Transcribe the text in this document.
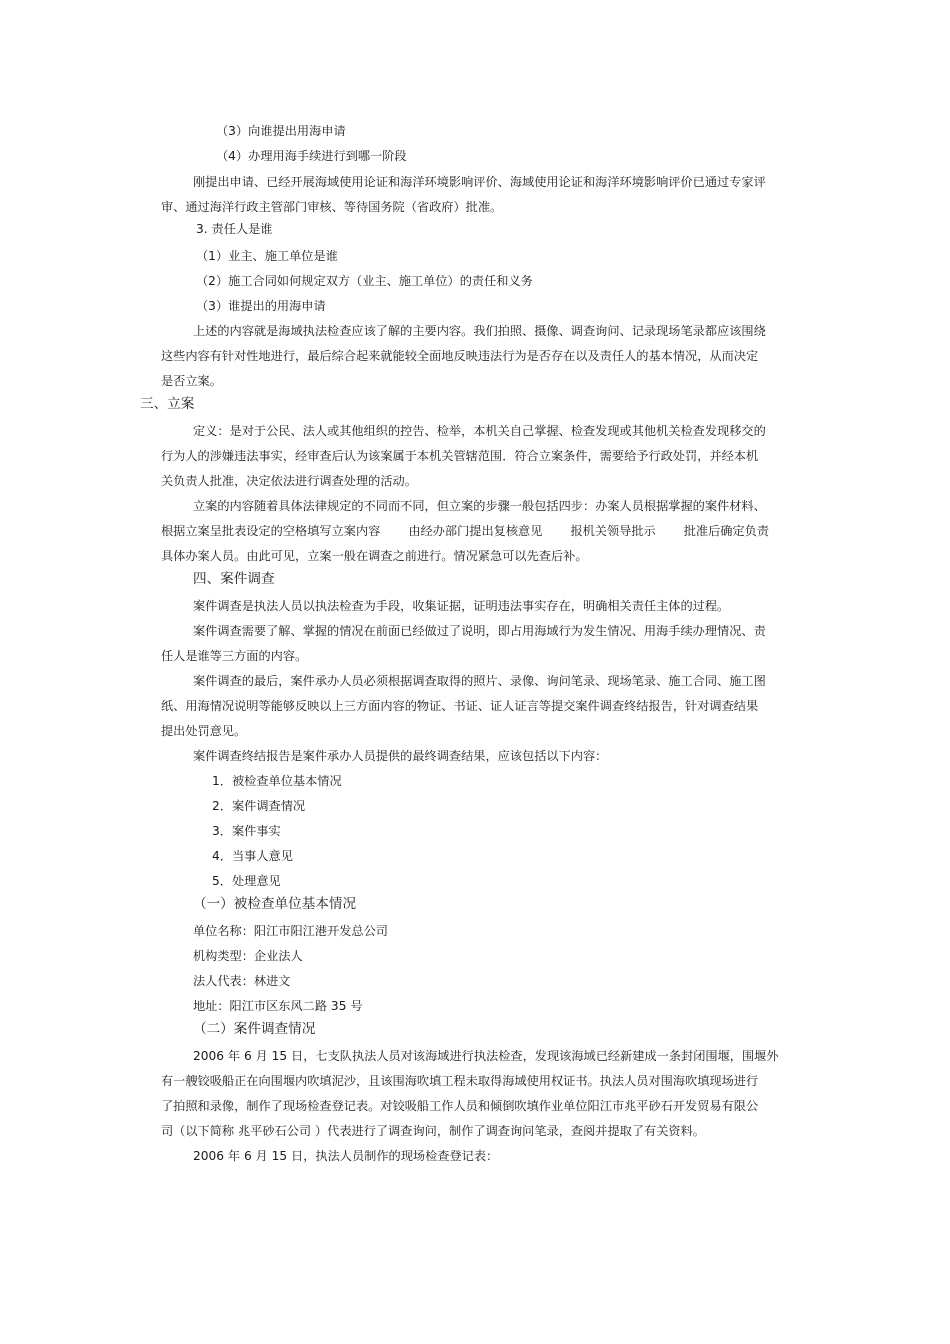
（3）向谁提出用海申请
（4）办理用海手续进行到哪一阶段
刚提出申请、已经开展海域使用论证和海洋环境影响评价、海域使用论证和海洋环境影响评价已通过专家评
审、通过海洋行政主管部门审核、等待国务院（省政府）批准。
3. 责任人是谁
（1）业主、施工单位是谁
（2）施工合同如何规定双方（业主、施工单位）的责任和义务
（3）谁提出的用海申请
上述的内容就是海域执法检查应该了解的主要内容。我们拍照、摄像、调查询问、记录现场笔录都应该围绕
这些内容有针对性地进行，最后综合起来就能较全面地反映违法行为是否存在以及责任人的基本情况，从而决定
是否立案。
三、立案
定义：是对于公民、法人或其他组织的控告、检举，本机关自己掌握、检查发现或其他机关检查发现移交的
行为人的涉嫌违法事实，经审查后认为该案属于本机关管辖范围．符合立案条件，需要给予行政处罚，并经本机
关负责人批准，决定依法进行调查处理的活动。
立案的内容随着具体法律规定的不同而不同，但立案的步骤一般包括四步：办案人员根据掌握的案件材料、
根据立案呈批表设定的空格填写立案内容 由经办部门提出复核意见 报机关领导批示 批准后确定负责
具体办案人员。由此可见，立案一般在调查之前进行。情况紧急可以先查后补。
四、案件调查
案件调查是执法人员以执法检查为手段，收集证据，证明违法事实存在，明确相关责任主体的过程。
案件调查需要了解、掌握的情况在前面已经做过了说明，即占用海域行为发生情况、用海手续办理情况、责
任人是谁等三方面的内容。
案件调查的最后，案件承办人员必须根据调查取得的照片、录像、询问笔录、现场笔录、施工合同、施工图
纸、用海情况说明等能够反映以上三方面内容的物证、书证、证人证言等提交案件调查终结报告，针对调查结果
提出处罚意见。
案件调查终结报告是案件承办人员提供的最终调查结果，应该包括以下内容：
1．被检查单位基本情况
2．案件调查情况
3．案件事实
4．当事人意见
5．处理意见
（一）被检查单位基本情况
单位名称：阳江市阳江港开发总公司
机构类型：企业法人
法人代表：林进文
地址：阳江市区东风二路 35 号
（二）案件调查情况
2006 年 6 月 15 日，七支队执法人员对该海域进行执法检查，发现该海域已经新建成一条封闭围堰，围堰外
有一艘铰吸船正在向围堰内吹填泥沙，且该围海吹填工程未取得海域使用权证书。执法人员对围海吹填现场进行
了拍照和录像，制作了现场检查登记表。对铰吸船工作人员和倾倒吹填作业单位阳江市兆平砂石开发贸易有限公
司（以下简称 兆平砂石公司 ）代表进行了调查询问，制作了调查询问笔录，查阅并提取了有关资料。
2006 年 6 月 15 日，执法人员制作的现场检查登记表：
